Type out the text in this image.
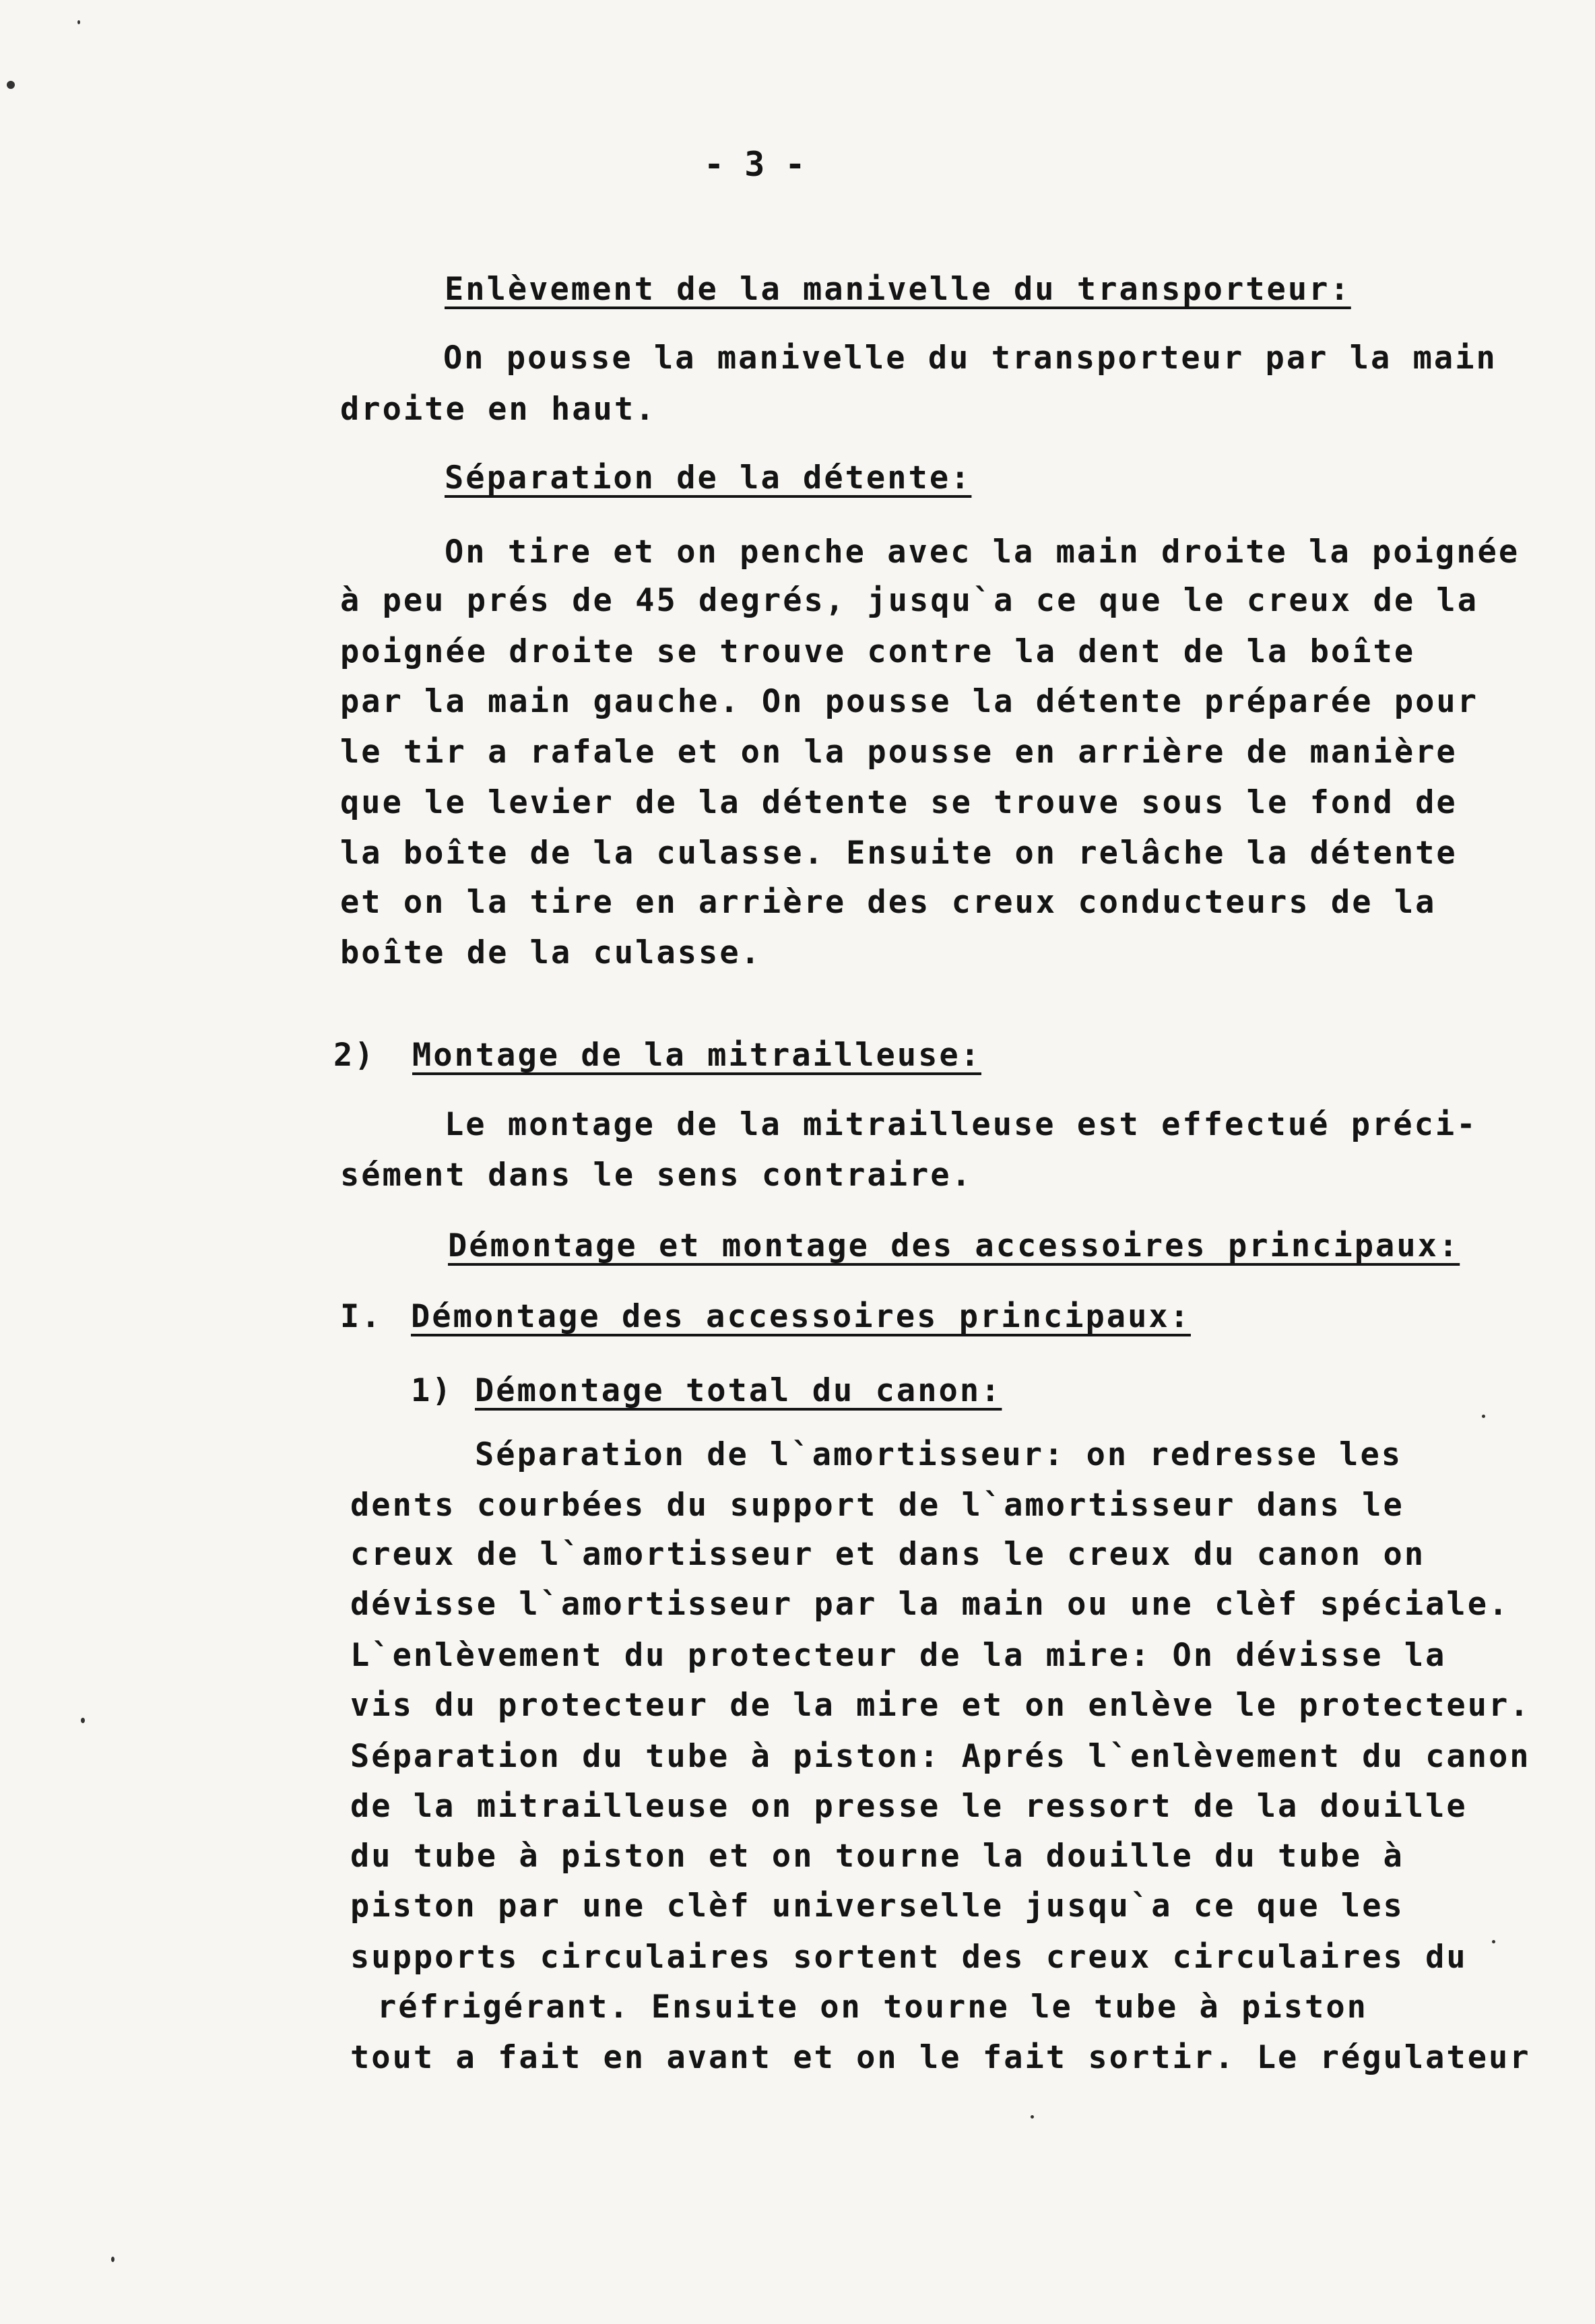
- 3 -
Enlèvement de la manivelle du transporteur:
On pousse la manivelle du transporteur par la main
droite en haut.
Séparation de la détente:
On tire et on penche avec la main droite la poignée
à peu prés de 45 degrés, jusqu`a ce que le creux de la
poignée droite se trouve contre la dent de la boîte
par la main gauche. On pousse la détente préparée pour
le tir a rafale et on la pousse en arrière de manière
que le levier de la détente se trouve sous le fond de
la boîte de la culasse. Ensuite on relâche la détente
et on la tire en arrière des creux conducteurs de la
boîte de la culasse.
2) Montage de la mitrailleuse:
Le montage de la mitrailleuse est effectué préci-
sément dans le sens contraire.
Démontage et montage des accessoires principaux:
I. Démontage des accessoires principaux:
1) Démontage total du canon:
Séparation de l`amortisseur: on redresse les
dents courbées du support de l`amortisseur dans le
creux de l`amortisseur et dans le creux du canon on
dévisse l`amortisseur par la main ou une clèf spéciale.
L`enlèvement du protecteur de la mire: On dévisse la
vis du protecteur de la mire et on enlève le protecteur.
Séparation du tube à piston: Aprés l`enlèvement du canon
de la mitrailleuse on presse le ressort de la douille
du tube à piston et on tourne la douille du tube à
piston par une clèf universelle jusqu`a ce que les
supports circulaires sortent des creux circulaires du
réfrigérant. Ensuite on tourne le tube à piston
tout a fait en avant et on le fait sortir. Le régulateur
